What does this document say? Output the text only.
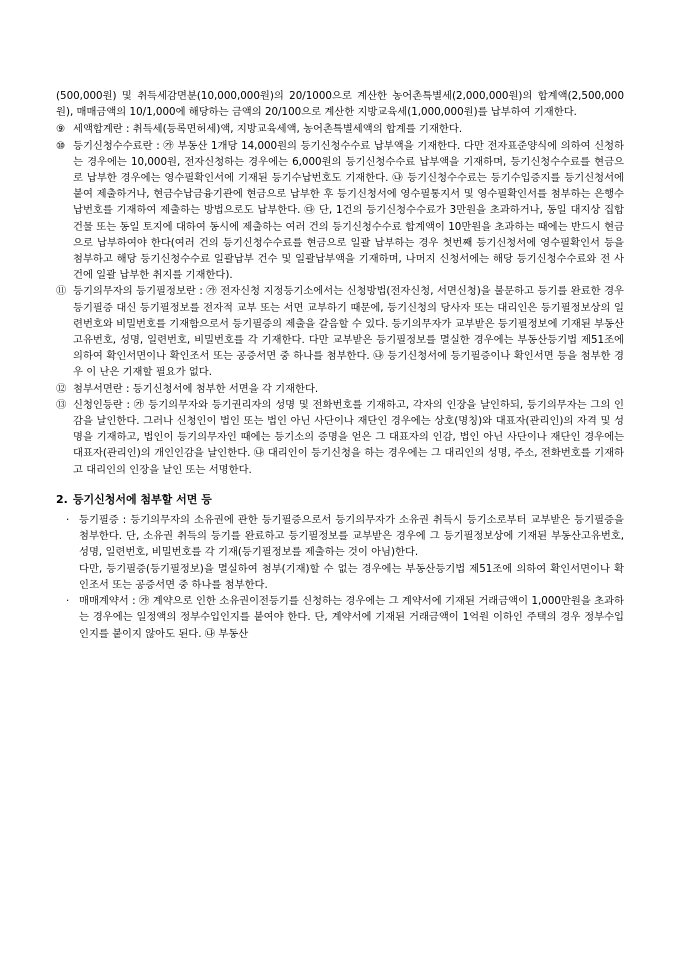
(500,000원) 및 취득세감면분(10,000,000원)의 20/1000으로 계산한 농어촌특별세(2,000,000원)의 합계액(2,500,000원), 매매금액의 10/1,000에 해당하는 금액의 20/100으로 계산한 지방교육세(1,000,000원)를 납부하여 기재한다.
⑨ 세액합계란 : 취득세(등록면허세)액, 지방교육세액, 농어촌특별세액의 합계를 기재한다.
⑩ 등기신청수수료란 : ㉮ 부동산 1개당 14,000원의 등기신청수수료 납부액을 기재한다. 다만 전자표준양식에 의하여 신청하는 경우에는 10,000원, 전자신청하는 경우에는 6,000원의 등기신청수수료 납부액을 기재하며, 등기신청수수료를 현금으로 납부한 경우에는 영수필확인서에 기재된 등기수납번호도 기재한다. ㉯ 등기신청수수료는 등기수입증지를 등기신청서에 붙여 제출하거나, 현금수납금융기관에 현금으로 납부한 후 등기신청서에 영수필통지서 및 영수필확인서를 첨부하는 은행수납번호를 기재하여 제출하는 방법으로도 납부한다. ㉰ 단, 1건의 등기신청수수료가 3만원을 초과하거나, 동일 대지상 집합건물 또는 동일 토지에 대하여 동시에 제출하는 여러 건의 등기신청수수료 합계액이 10만원을 초과하는 때에는 반드시 현금으로 납부하여야 한다(여러 건의 등기신청수수료를 현금으로 일괄 납부하는 경우 첫번째 등기신청서에 영수필확인서 등을 첨부하고 해당 등기신청수수료 일괄납부 건수 및 일괄납부액을 기재하며, 나머지 신청서에는 해당 등기신청수수료와 전 사건에 일괄 납부한 취지를 기재한다).
⑪ 등기의무자의 등기필정보란 : ㉮ 전자신청 지정등기소에서는 신청방법(전자신청, 서면신청)을 불문하고 등기를 완료한 경우 등기필증 대신 등기필정보를 전자적 교부 또는 서면 교부하기 때문에, 등기신청의 당사자 또는 대리인은 등기필정보상의 일련번호와 비밀번호를 기재함으로서 등기필증의 제출을 갈음할 수 있다. 등기의무자가 교부받은 등기필정보에 기재된 부동산고유번호, 성명, 일련번호, 비밀번호를 각 기재한다. 다만 교부받은 등기필정보를 멸실한 경우에는 부동산등기법 제51조에 의하여 확인서면이나 확인조서 또는 공증서면 중 하나를 첨부한다. ㉯ 등기신청서에 등기필증이나 확인서면 등을 첨부한 경우 이 난은 기재할 필요가 없다.
⑫ 첨부서면란 : 등기신청서에 첨부한 서면을 각 기재한다.
⑬ 신청인등란 : ㉮ 등기의무자와 등기권리자의 성명 및 전화번호를 기재하고, 각자의 인장을 날인하되, 등기의무자는 그의 인감을 날인한다. 그러나 신청인이 법인 또는 법인 아닌 사단이나 재단인 경우에는 상호(명칭)와 대표자(관리인)의 자격 및 성명을 기재하고, 법인이 등기의무자인 때에는 등기소의 증명을 얻은 그 대표자의 인감, 법인 아닌 사단이나 재단인 경우에는 대표자(관리인)의 개인인감을 날인한다. ㉯ 대리인이 등기신청을 하는 경우에는 그 대리인의 성명, 주소, 전화번호를 기재하고 대리인의 인장을 날인 또는 서명한다.
2. 등기신청서에 첨부할 서면 등
· 등기필증 : 등기의무자의 소유권에 관한 등기필증으로서 등기의무자가 소유권 취득시 등기소로부터 교부받은 등기필증을 첨부한다. 단, 소유권 취득의 등기를 완료하고 등기필정보를 교부받은 경우에 그 등기필정보상에 기재된 부동산고유번호, 성명, 일련번호, 비밀번호를 각 기재(등기필정보를 제출하는 것이 아님)한다.
다만, 등기필증(등기필정보)을 멸실하여 첨부(기재)할 수 없는 경우에는 부동산등기법 제51조에 의하여 확인서면이나 확인조서 또는 공증서면 중 하나를 첨부한다.
· 매매계약서 : ㉮ 계약으로 인한 소유권이전등기를 신청하는 경우에는 그 계약서에 기재된 거래금액이 1,000만원을 초과하는 경우에는 일정액의 정부수입인지를 붙여야 한다. 단, 계약서에 기재된 거래금액이 1억원 이하인 주택의 경우 정부수입인지를 붙이지 않아도 된다. ㉯ 부동산
